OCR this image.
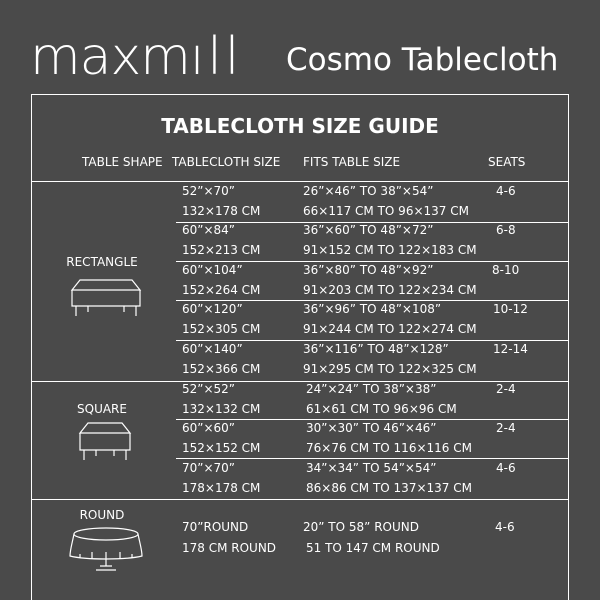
maxmıll Cosmo Tablecloth
TABLECLOTH SIZE GUIDE
TABLE SHAPE TABLECLOTH SIZE FITS TABLE SIZE	SEATS
RECTANGLE
SQUARE
ROUND
52”×70”
132×178 CM
26”×46” TO 38”×54”
66×117 CM TO 96×137 CM
4-6
60”×84”
152×213 CM
36”×60” TO 48”×72”
91×152 CM TO 122×183 CM
6-8
60”×104”
152×264 CM
36”×80” TO 48”×92”
91×203 CM TO 122×234 CM
8-10
60”×120”
152×305 CM
36”×96” TO 48”×108”
91×244 CM TO 122×274 CM
10-12
60”×140”
152×366 CM
36”×116” TO 48”×128”
91×295 CM TO 122×325 CM
12-14
52”×52”
132×132 CM
24”×24” TO 38”×38”
61×61 CM TO 96×96 CM
2-4
60”×60”
152×152 CM
30”×30” TO 46”×46”
76×76 CM TO 116×116 CM
2-4
70”×70”
178×178 CM
34”×34” TO 54”×54”
86×86 CM TO 137×137 CM
4-6
70”ROUND
178 CM ROUND
20” TO 58” ROUND
51 TO 147 CM ROUND
4-6
